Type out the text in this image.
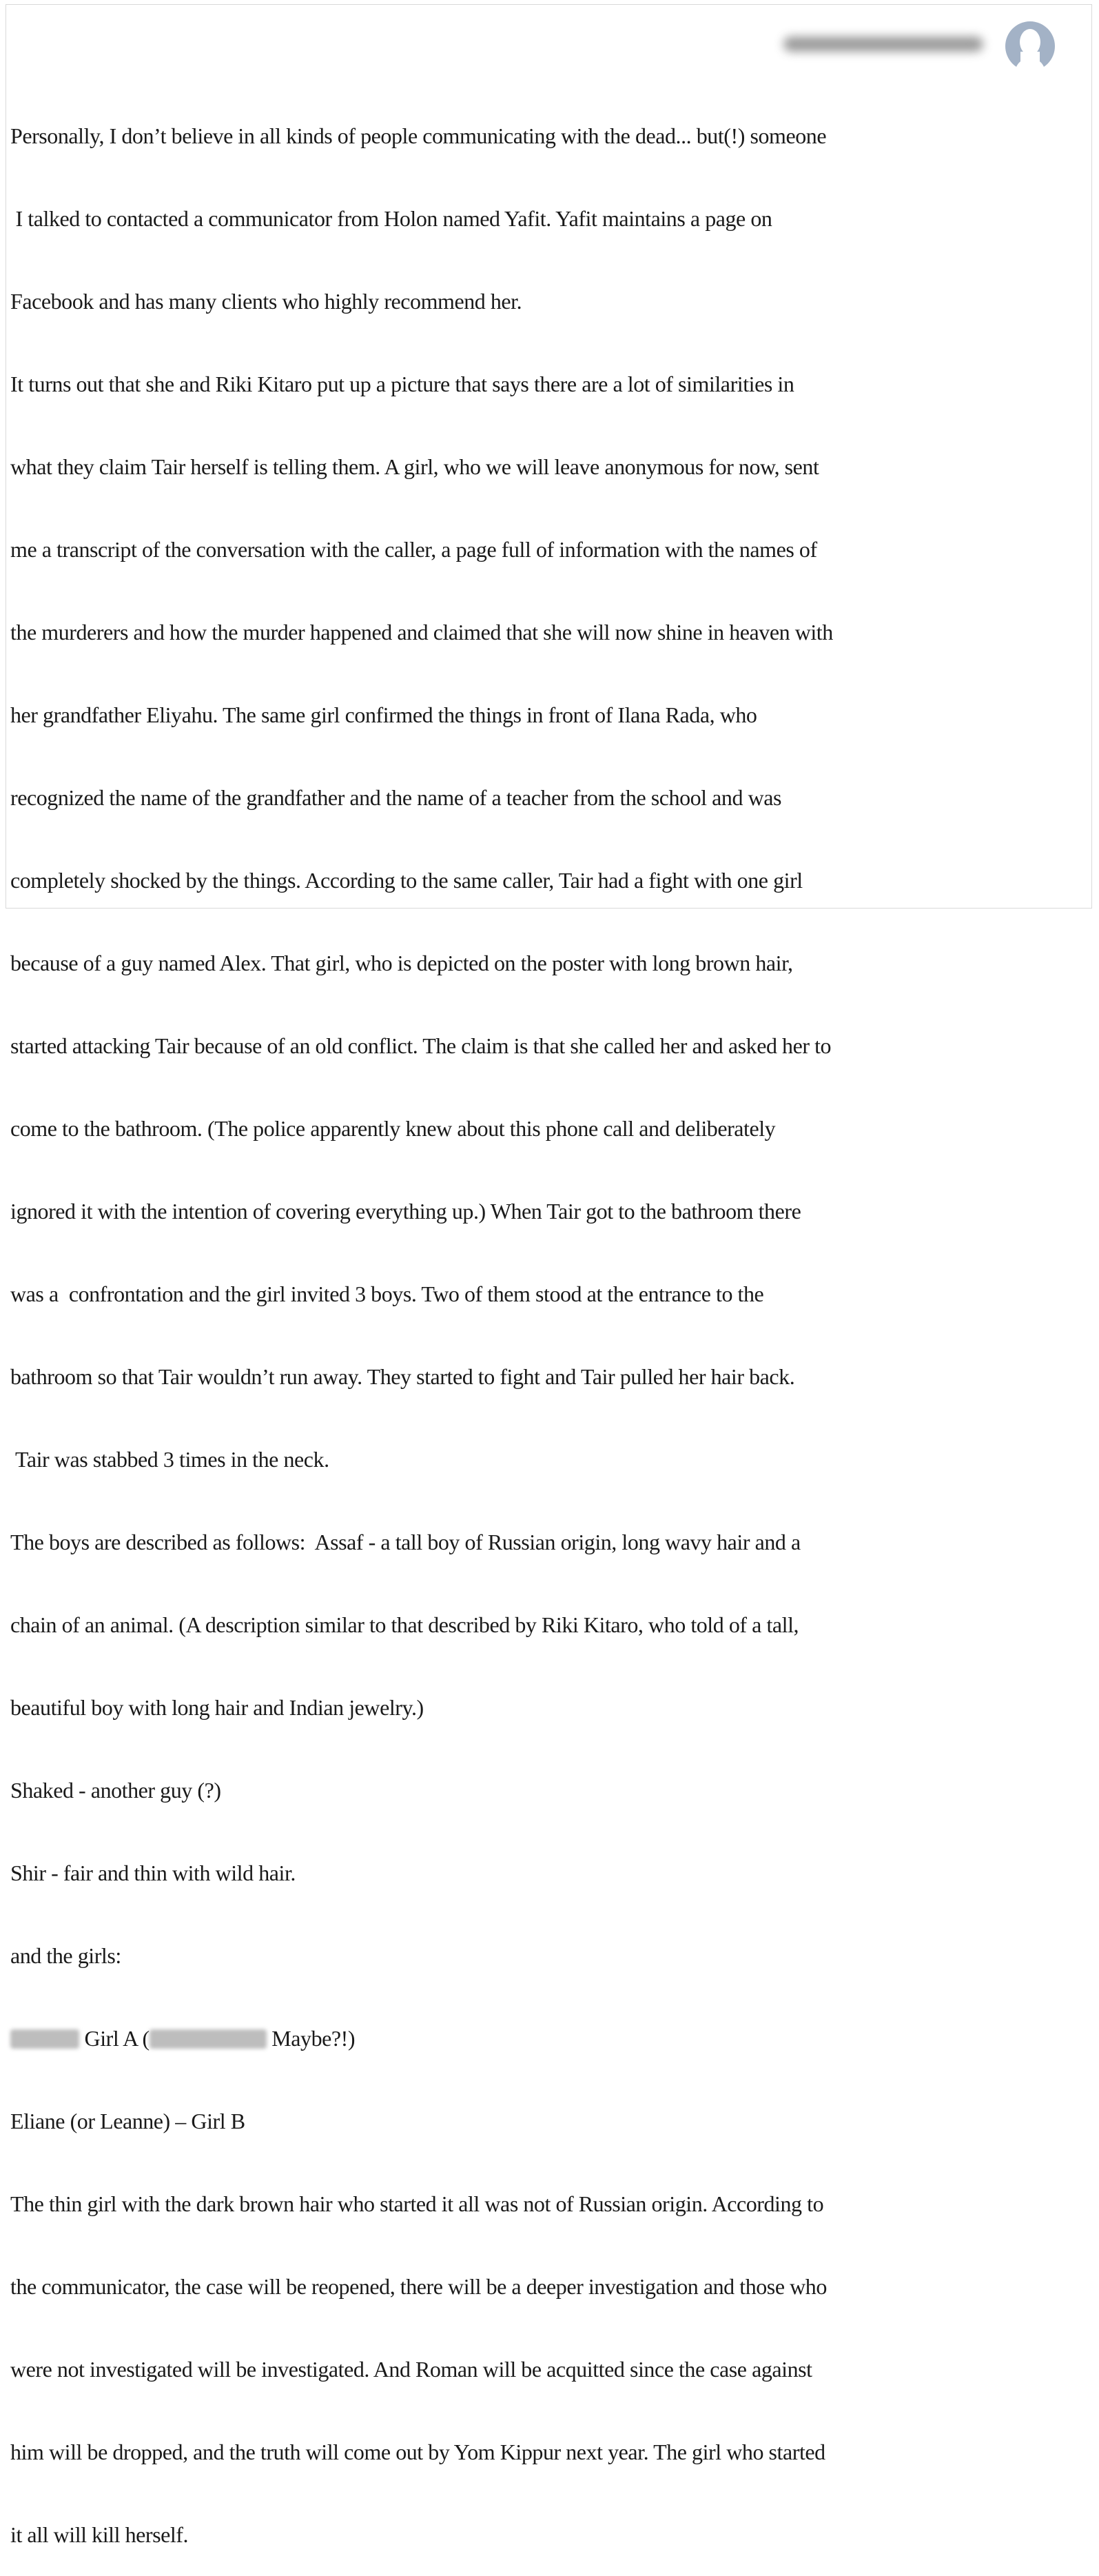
Personally, I don’t believe in all kinds of people communicating with the dead... but(!) someone

I talked to contacted a communicator from Holon named Yafit. Yafit maintains a page on

Facebook and has many clients who highly recommend her.

It turns out that she and Riki Kitaro put up a picture that says there are a lot of similarities in

what they claim Tair herself is telling them. A girl, who we will leave anonymous for now, sent

me a transcript of the conversation with the caller, a page full of information with the names of

the murderers and how the murder happened and claimed that she will now shine in heaven with

her grandfather Eliyahu. The same girl confirmed the things in front of Ilana Rada, who

recognized the name of the grandfather and the name of a teacher from the school and was

completely shocked by the things. According to the same caller, Tair had a fight with one girl

because of a guy named Alex. That girl, who is depicted on the poster with long brown hair,

started attacking Tair because of an old conflict. The claim is that she called her and asked her to

come to the bathroom. (The police apparently knew about this phone call and deliberately

ignored it with the intention of covering everything up.) When Tair got to the bathroom there

was a  confrontation and the girl invited 3 boys. Two of them stood at the entrance to the

bathroom so that Tair wouldn’t run away. They started to fight and Tair pulled her hair back.

Tair was stabbed 3 times in the neck.

The boys are described as follows:  Assaf - a tall boy of Russian origin, long wavy hair and a

chain of an animal. (A description similar to that described by Riki Kitaro, who told of a tall,

beautiful boy with long hair and Indian jewelry.)

Shaked - another guy (?)

Shir - fair and thin with wild hair.

and the girls:

Girl A (	Maybe?!)

Eliane (or Leanne) – Girl B

The thin girl with the dark brown hair who started it all was not of Russian origin. According to

the communicator, the case will be reopened, there will be a deeper investigation and those who

were not investigated will be investigated. And Roman will be acquitted since the case against

him will be dropped, and the truth will come out by Yom Kippur next year. The girl who started

it all will kill herself.
